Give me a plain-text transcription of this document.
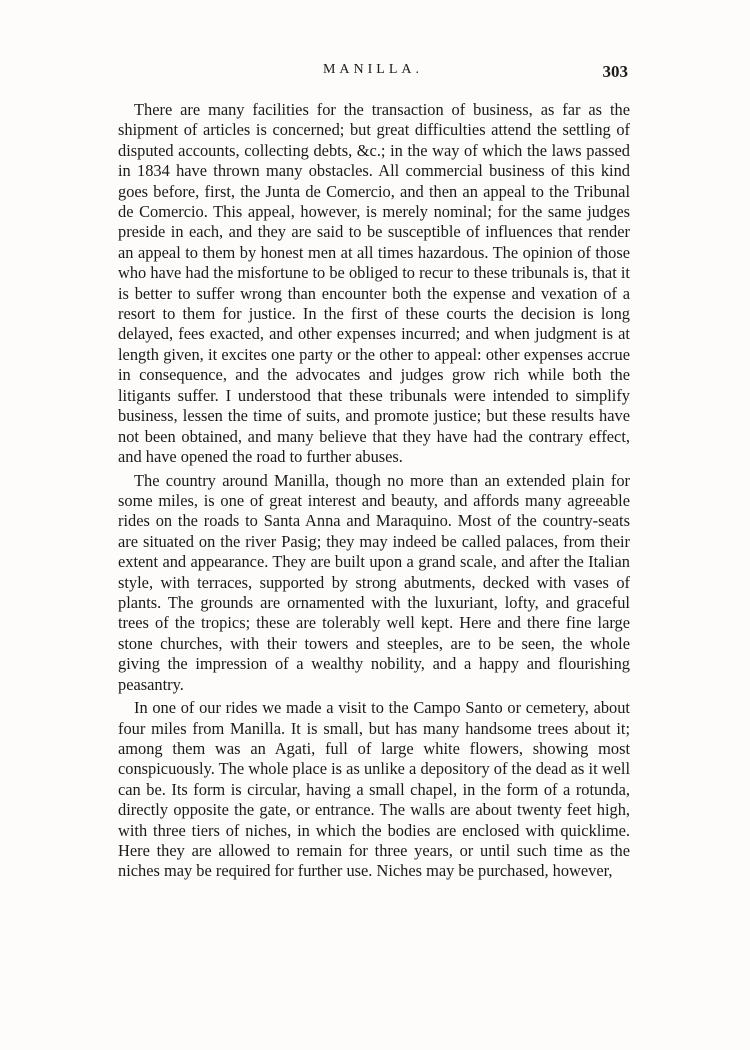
MANILLA.	303

There are many facilities for the transaction of business, as far as the shipment of articles is concerned; but great difficulties attend the settling of disputed accounts, collecting debts, &c.; in the way of which the laws passed in 1834 have thrown many obstacles. All commercial business of this kind goes before, first, the Junta de Comercio, and then an appeal to the Tribunal de Comercio. This appeal, however, is merely nominal; for the same judges preside in each, and they are said to be susceptible of influences that render an appeal to them by honest men at all times hazardous. The opinion of those who have had the misfortune to be obliged to recur to these tribunals is, that it is better to suffer wrong than encounter both the expense and vexation of a resort to them for justice. In the first of these courts the decision is long delayed, fees exacted, and other expenses incurred; and when judgment is at length given, it excites one party or the other to appeal: other expenses accrue in consequence, and the advocates and judges grow rich while both the litigants suffer. I understood that these tribunals were intended to simplify business, lessen the time of suits, and promote justice; but these results have not been obtained, and many believe that they have had the contrary effect, and have opened the road to further abuses.

The country around Manilla, though no more than an extended plain for some miles, is one of great interest and beauty, and affords many agreeable rides on the roads to Santa Anna and Maraquino. Most of the country-seats are situated on the river Pasig; they may indeed be called palaces, from their extent and appearance. They are built upon a grand scale, and after the Italian style, with terraces, supported by strong abutments, decked with vases of plants. The grounds are ornamented with the luxuriant, lofty, and graceful trees of the tropics; these are tolerably well kept. Here and there fine large stone churches, with their towers and steeples, are to be seen, the whole giving the impression of a wealthy nobility, and a happy and flourishing peasantry.

In one of our rides we made a visit to the Campo Santo or cemetery, about four miles from Manilla. It is small, but has many handsome trees about it; among them was an Agati, full of large white flowers, showing most conspicuously. The whole place is as unlike a depository of the dead as it well can be. Its form is circular, having a small chapel, in the form of a rotunda, directly opposite the gate, or entrance. The walls are about twenty feet high, with three tiers of niches, in which the bodies are enclosed with quicklime. Here they are allowed to remain for three years, or until such time as the niches may be required for further use. Niches may be purchased, however,
